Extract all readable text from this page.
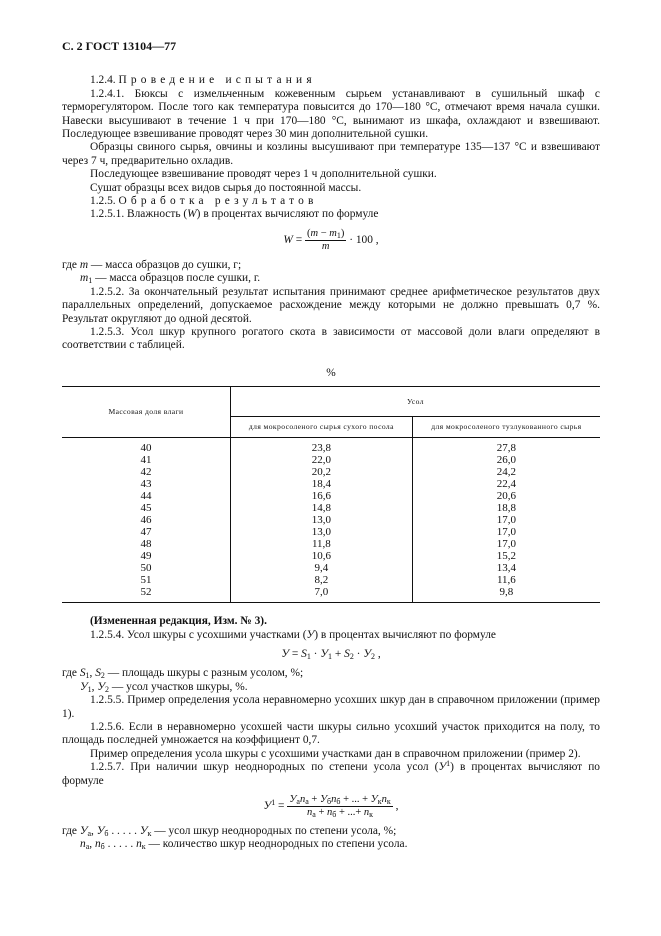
С. 2 ГОСТ 13104—77

1.2.4. Проведение испытания

1.2.4.1. Бюксы с измельченным кожевенным сырьем устанавливают в сушильный шкаф с терморегулятором. После того как температура повысится до 170—180 °С, отмечают время начала сушки. Навески высушивают в течение 1 ч при 170—180 °С, вынимают из шкафа, охлаждают и взвешивают. Последующее взвешивание проводят через 30 мин дополнительной сушки.

Образцы свиного сырья, овчины и козлины высушивают при температуре 135—137 °С и взвешивают через 7 ч, предварительно охладив.

Последующее взвешивание проводят через 1 ч дополнительной сушки.

Сушат образцы всех видов сырья до постоянной массы.

1.2.5. Обработка результатов

1.2.5.1. Влажность (W) в процентах вычисляют по формуле

$W = \frac{(m - m_1)}{m} \cdot 100$ ,

где m — масса образцов до сушки, г;

$m_1$ — масса образцов после сушки, г.

1.2.5.2. За окончательный результат испытания принимают среднее арифметическое результатов двух параллельных определений, допускаемое расхождение между которыми не должно превышать 0,7 %. Результат округляют до одной десятой.

1.2.5.3. Усол шкур крупного рогатого скота в зависимости от массовой доли влаги определяют в соответствии с таблицей.

%
Массовая доля влаги	Усол	
	для мокросоленого сырья сухого посола	для мокросоленого тузлукованного сырья
40	23,8	27,8
41	22,0	26,0
42	20,2	24,2
43	18,4	22,4
44	16,6	20,6
45	14,8	18,8
46	13,0	17,0
47	13,0	17,0
48	11,8	17,0
49	10,6	15,2
50	9,4	13,4
51	8,2	11,6
52	7,0	9,8

(Измененная редакция, Изм. № 3).

1.2.5.4. Усол шкуры с усохшими участками (У) в процентах вычисляют по формуле

$У = S_1 \cdot У_1 + S_2 \cdot У_2$ ,

где $S_1$, $S_2$ — площадь шкуры с разным усолом, %;

$У_1$, $У_2$ — усол участков шкуры, %.

1.2.5.5. Пример определения усола неравномерно усохших шкур дан в справочном приложении (пример 1).

1.2.5.6. Если в неравномерно усохшей части шкуры сильно усохший участок приходится на полу, то площадь последней умножается на коэффициент 0,7.

Пример определения усола шкуры с усохшими участками дан в справочном приложении (пример 2).

1.2.5.7. При наличии шкур неоднородных по степени усола усол $(У^1)$ в процентах вычисляют по формуле

$У^1 = \frac{У_аn_а + У_бn_б + ... + У_кn_к}{n_а + n_б + ...+ n_к}$ ,

где $У_а$, $У_б$ . . . . . $У_к$ — усол шкур неоднородных по степени усола, %;

$n_а$, $n_б$ . . . . . $n_к$ — количество шкур неоднородных по степени усола.
